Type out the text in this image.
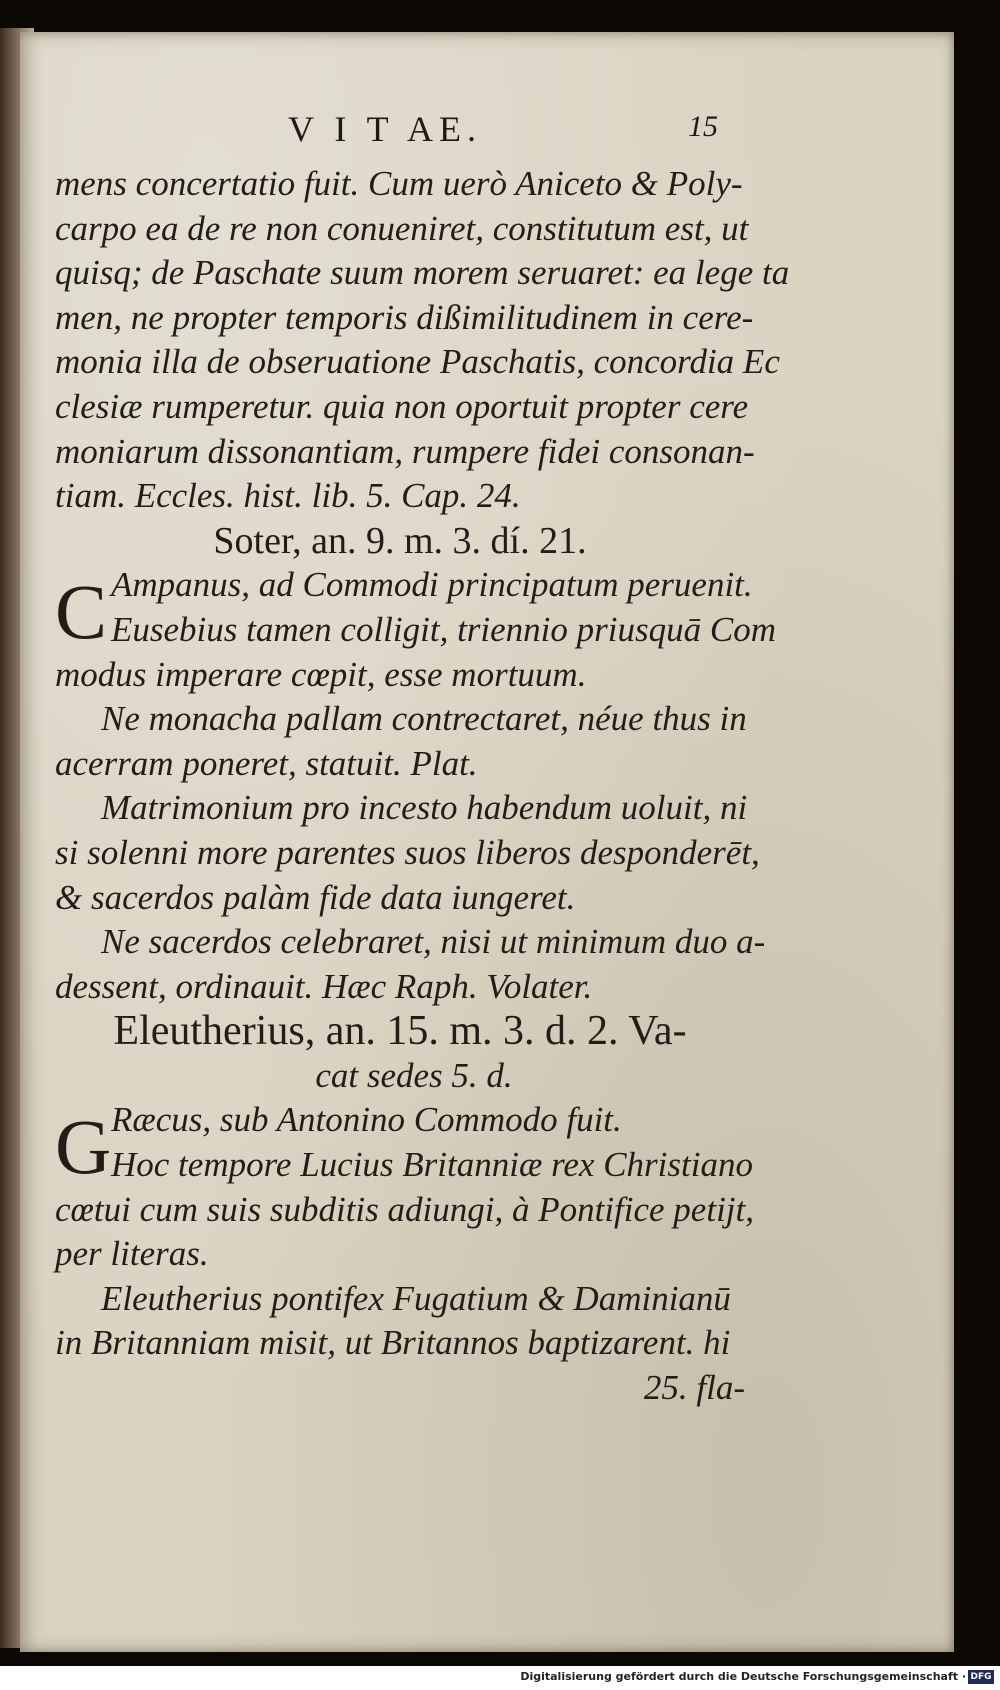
V I T AE.	15
mens concertatio fuit. Cum uerò Aniceto & Poly-
carpo ea de re non conueniret, constitutum est, ut
quisq; de Paschate suum morem seruaret: ea lege ta
men, ne propter temporis dißimilitudinem in cere-
monia illa de obseruatione Paschatis, concordia Ec
clesiæ rumperetur. quia non oportuit propter cere
moniarum dissonantiam, rumpere fidei consonan-
tiam. Eccles. hist. lib. 5. Cap. 24.
Soter, an. 9. m. 3. dí. 21.
C Ampanus, ad Commodi principatum peruenit.
Eusebius tamen colligit, triennio priusquā Com
modus imperare cœpit, esse mortuum.
Ne monacha pallam contrectaret, néue thus in
acerram poneret, statuit. Plat.
Matrimonium pro incesto habendum uoluit, ni
si solenni more parentes suos liberos desponderēt,
& sacerdos palàm fide data iungeret.
Ne sacerdos celebraret, nisi ut minimum duo a-
dessent, ordinauit. Hæc Raph. Volater.
Eleutherius, an. 15. m. 3. d. 2. Va-
cat sedes 5. d.
G Ræcus, sub Antonino Commodo fuit.
Hoc tempore Lucius Britanniæ rex Christiano
cœtui cum suis subditis adiungi, à Pontifice petijt,
per literas.
Eleutherius pontifex Fugatium & Daminianū
in Britanniam misit, ut Britannos baptizarent. hi
25. fla-
Digitalisierung gefördert durch die Deutsche Forschungsgemeinschaft · DFG
